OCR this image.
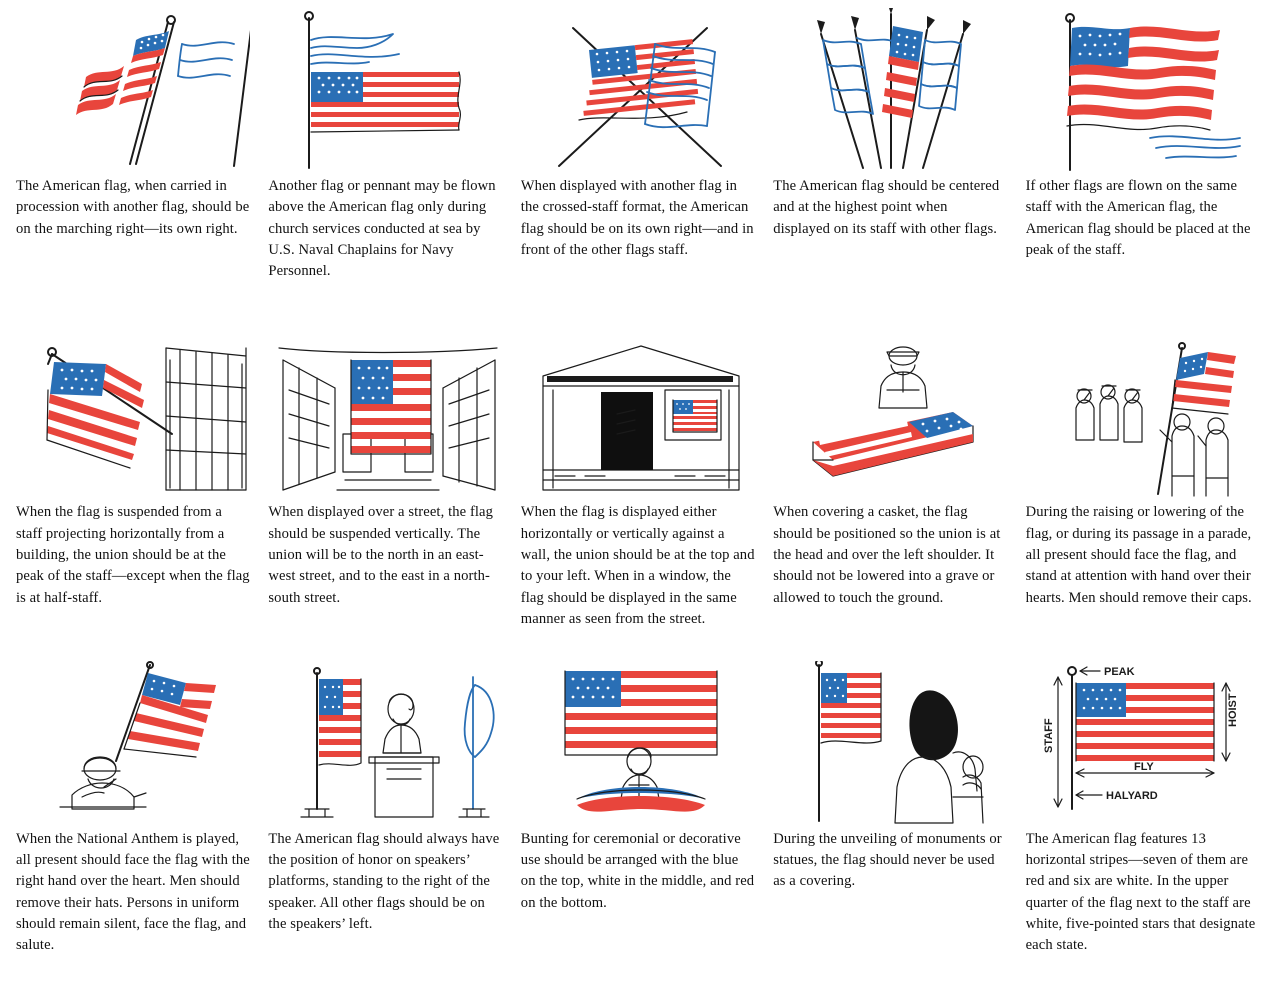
The American flag, when carried in procession with another flag, should be on the marching right—its own right.
Another flag or pennant may be flown above the American flag only during church services conducted at sea by U.S. Naval Chaplains for Navy Personnel.
When displayed with another flag in the crossed-staff format, the American flag should be on its own right—and in front of the other flags staff.
The American flag should be centered and at the highest point when displayed on its staff with other flags.
If other flags are flown on the same staff with the American flag, the American flag should be placed at the peak of the staff.
When the flag is suspended from a staff projecting horizontally from a building, the union should be at the peak of the staff—except when the flag is at half-staff.
When displayed over a street, the flag should be suspended vertically. The union will be to the north in an east-west street, and to the east in a north-south street.
When the flag is displayed either horizontally or vertically against a wall, the union should be at the top and to your left. When in a window, the flag should be displayed in the same manner as seen from the street.
When covering a casket, the flag should be positioned so the union is at the head and over the left shoulder. It should not be lowered into a grave or allowed to touch the ground.
During the raising or lowering of the flag, or during its passage in a parade, all present should face the flag, and stand at attention with hand over their hearts. Men should remove their caps.
When the National Anthem is played, all present should face the flag with the right hand over the heart. Men should remove their hats. Persons in uniform should remain silent, face the flag, and salute.
The American flag should always have the position of honor on speakers’ platforms, standing to the right of the speaker. All other flags should be on the speakers’ left.
Bunting for ceremonial or decorative use should be arranged with the blue on the top, white in the middle, and red on the bottom.
During the unveiling of monuments or statues, the flag should never be used as a covering.
PEAK
STAFF
HOIST
FLY
HALYARD
The American flag features 13 horizontal stripes—seven of them are red and six are white. In the upper quarter of the flag next to the staff are white, five-pointed stars that designate each state.
